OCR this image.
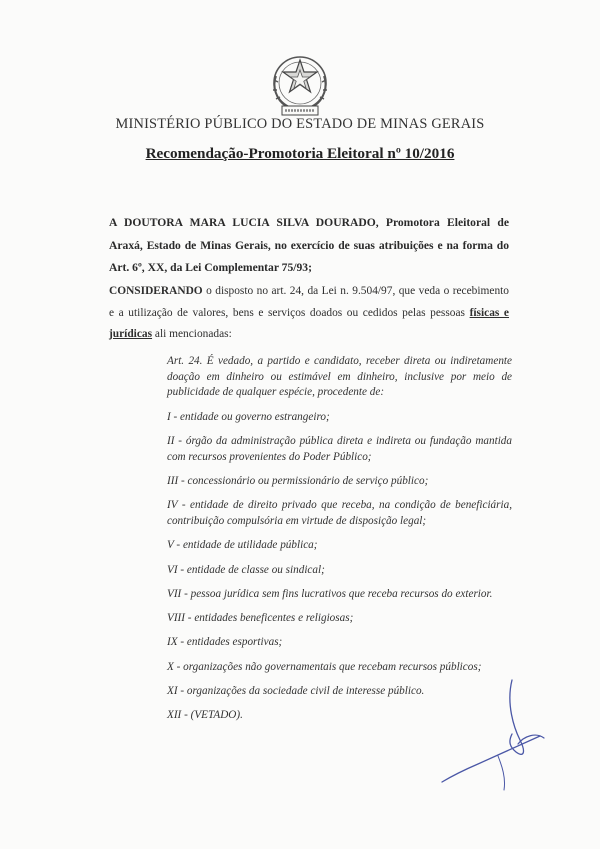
MINISTÉRIO PÚBLICO DO ESTADO DE MINAS GERAIS
Recomendação-Promotoria Eleitoral nº 10/2016
A DOUTORA MARA LUCIA SILVA DOURADO, Promotora Eleitoral de Araxá, Estado de Minas Gerais, no exercício de suas atribuições e na forma do Art. 6º, XX, da Lei Complementar 75/93;
CONSIDERANDO o disposto no art. 24, da Lei n. 9.504/97, que veda o recebimento e a utilização de valores, bens e serviços doados ou cedidos pelas pessoas físicas e jurídicas ali mencionadas:

Art. 24. É vedado, a partido e candidato, receber direta ou indiretamente doação em dinheiro ou estimável em dinheiro, inclusive por meio de publicidade de qualquer espécie, procedente de:

I - entidade ou governo estrangeiro;

II - órgão da administração pública direta e indireta ou fundação mantida com recursos provenientes do Poder Público;

III - concessionário ou permissionário de serviço público;

IV - entidade de direito privado que receba, na condição de beneficiária, contribuição compulsória em virtude de disposição legal;

V - entidade de utilidade pública;

VI - entidade de classe ou sindical;

VII - pessoa jurídica sem fins lucrativos que receba recursos do exterior.

VIII - entidades beneficentes e religiosas;

IX - entidades esportivas;

X - organizações não governamentais que recebam recursos públicos;

XI - organizações da sociedade civil de interesse público.

XII - (VETADO).
